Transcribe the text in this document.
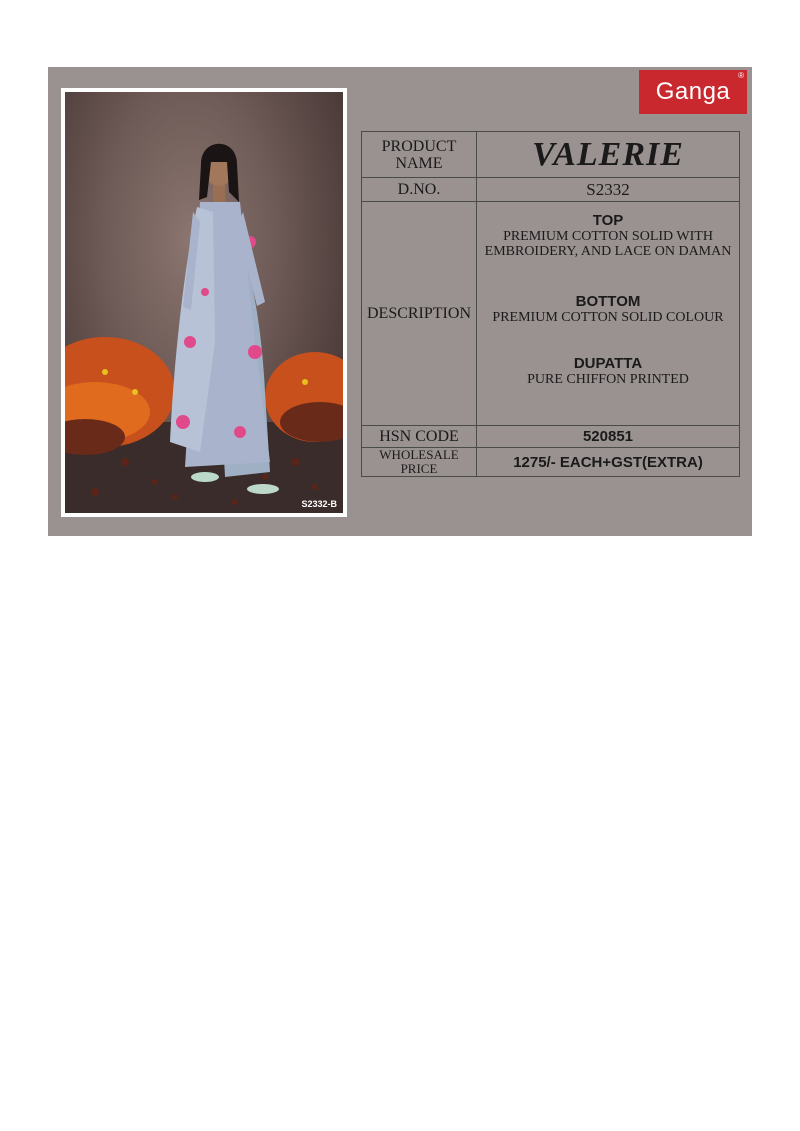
S2332-B
Ganga
®
PRODUCT NAME	VALERIE
D.NO.	S2332
DESCRIPTION
TOP
PREMIUM COTTON SOLID WITH
EMBROIDERY, AND LACE ON DAMAN
BOTTOM
PREMIUM COTTON SOLID COLOUR
DUPATTA
PURE CHIFFON PRINTED
HSN CODE	520851
WHOLESALE PRICE	1275/- EACH+GST(EXTRA)
